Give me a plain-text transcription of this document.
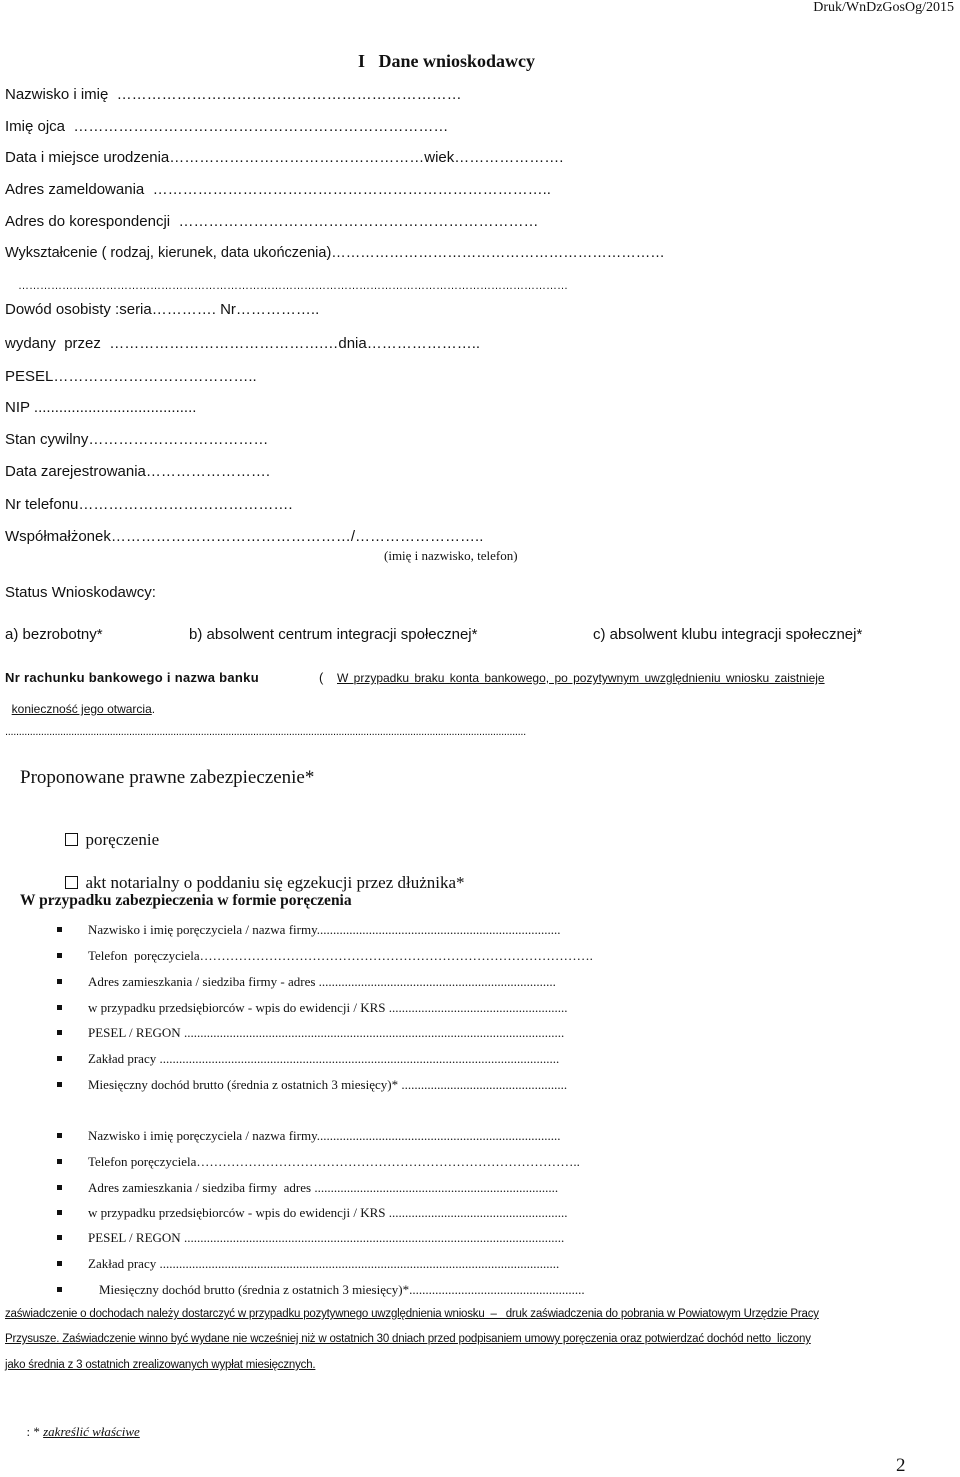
Druk/WnDzGosOg/2015
I   Dane wnioskodawcy
Nazwisko i imię  ……………………………………………………………
Imię ojca  …………………………………………………………………
Data i miejsce urodzenia……………………………………………wiek………………….
Adres zameldowania  ……………………………………………………………………..
Adres do korespondencji  ………………………………………………………………
Wykształcenie ( rodzaj, kierunek, data ukończenia)……………………………………………………………
……………………………………………………………………………………………………………………………………
Dowód osobisty :seria…………. Nr……………..
wydany  przez  …………………………………….…dnia…………………..
PESEL…………………………………..
NIP .......................................
Stan cywilny………………………………
Data zarejestrowania…………………….
Nr telefonu…………………………………….
Współmałżonek…………………………………………/……………………..
(imię i nazwisko, telefon)
Status Wnioskodawcy:
a) bezrobotny*	b) absolwent centrum integracji społecznej*	c) absolwent klubu integracji społecznej*
Nr rachunku bankowego i nazwa banku	( W przypadku braku konta bankowego, po pozytywnym uwzględnieniu wniosku zaistnieje

konieczność jego otwarcia.

.............................................................................................................................................................................................
Proponowane prawne zabezpieczenie*

poręczenie

akt notarialny o poddaniu się egzekucji przez dłużnika*

W przypadku zabezpieczenia w formie poręczenia
Nazwisko i imię poręczyciela / nazwa firmy...........................................................................
Telefon  poręczyciela……………………………………………………………………………….
Adres zamieszkania / siedziba firmy - adres .........................................................................
w przypadku przedsiębiorców - wpis do ewidencji / KRS .......................................................
PESEL / REGON .....................................................................................................................
Zakład pracy ...........................................................................................................................
Miesięczny dochód brutto (średnia z ostatnich 3 miesięcy)* ...................................................
Nazwisko i imię poręczyciela / nazwa firmy...........................................................................
Telefon poręczyciela……………………………………………………………………………..
Adres zamieszkania / siedziba firmy  adres ...........................................................................
w przypadku przedsiębiorców - wpis do ewidencji / KRS .......................................................
PESEL / REGON .....................................................................................................................
Zakład pracy ...........................................................................................................................
Miesięczny dochód brutto (średnia z ostatnich 3 miesięcy)*......................................................
zaświadczenie o dochodach należy dostarczyć w przypadku pozytywnego uwzględnienia wniosku  –   druk zaświadczenia do pobrania w Powiatowym Urzędzie Pracy
Przysusze. Zaświadczenie winno być wydane nie wcześniej niż w ostatnich 30 dniach przed podpisaniem umowy poręczenia oraz potwierdzać dochód netto  liczony
jako średnia z 3 ostatnich zrealizowanych wypłat miesięcznych.

: * zakreślić właściwe

2
